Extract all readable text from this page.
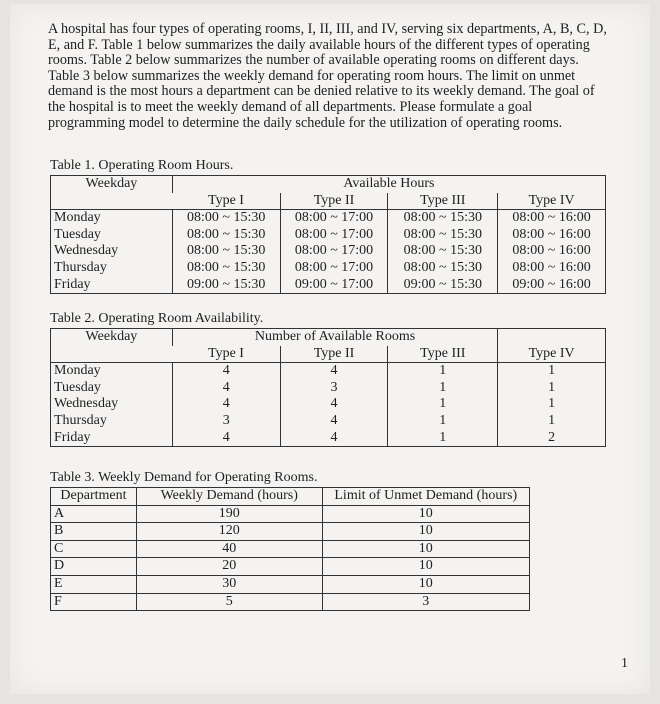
A hospital has four types of operating rooms, I, II, III, and IV, serving six departments, A, B, C, D, E, and F. Table 1 below summarizes the daily available hours of the different types of operating rooms. Table 2 below summarizes the number of available operating rooms on different days. Table 3 below summarizes the weekly demand for operating room hours. The limit on unmet demand is the most hours a department can be denied relative to its weekly demand. The goal of the hospital is to meet the weekly demand of all departments. Please formulate a goal programming model to determine the daily schedule for the utilization of operating rooms.
Table 1. Operating Room Hours.
Weekday	Available Hours			
	Type I	Type II	Type III	Type IV
Monday	08:00 ~ 15:30	08:00 ~ 17:00	08:00 ~ 15:30	08:00 ~ 16:00
Tuesday	08:00 ~ 15:30	08:00 ~ 17:00	08:00 ~ 15:30	08:00 ~ 16:00
Wednesday	08:00 ~ 15:30	08:00 ~ 17:00	08:00 ~ 15:30	08:00 ~ 16:00
Thursday	08:00 ~ 15:30	08:00 ~ 17:00	08:00 ~ 15:30	08:00 ~ 16:00
Friday	09:00 ~ 15:30	09:00 ~ 17:00	09:00 ~ 15:30	09:00 ~ 16:00
Table 2. Operating Room Availability.
Weekday	Number of Available Rooms			
	Type I	Type II	Type III	Type IV
Monday	4	4	1	1
Tuesday	4	3	1	1
Wednesday	4	4	1	1
Thursday	3	4	1	1
Friday	4	4	1	2
Table 3. Weekly Demand for Operating Rooms.
Department	Weekly Demand (hours)	Limit of Unmet Demand (hours)
A	190	10
B	120	10
C	40	10
D	20	10
E	30	10
F	5	3
1
